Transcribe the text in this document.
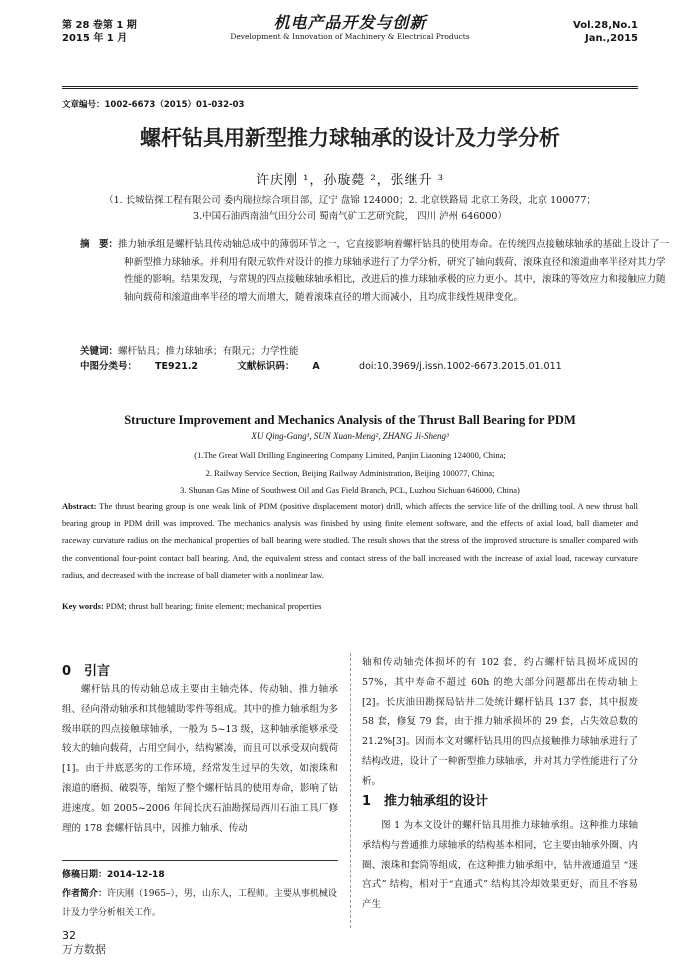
第 28 卷第 1 期
2015 年 1 月
机电产品开发与创新
Development & Innovation of Machinery & Electrical Products
Vol.28,No.1
Jan.,2015
文章编号：1002-6673（2015）01-032-03
螺杆钻具用新型推力球轴承的设计及力学分析
许庆刚 ¹，孙璇薨 ²，张继升 ³
（1. 长城钻探工程有限公司 委内瑞拉综合项目部，辽宁 盘锦 124000；2. 北京铁路局 北京工务段，北京 100077；
3.中国石油西南油气田分公司 蜀南气矿工艺研究院， 四川 泸州 646000）
摘　要：推力轴承组是螺杆钻具传动轴总成中的薄弱环节之一，它直接影响着螺杆钻具的使用寿命。在传统四点接触球轴承的基础上设计了一种新型推力球轴承。并利用有限元软件对设计的推力球轴承进行了力学分析，研究了轴向载荷、滚珠直径和滚道曲率半径对其力学性能的影响。结果发现，与常规的四点接触球轴承相比，改进后的推力球轴承极的应力更小。其中，滚珠的等效应力和接触应力随轴向载荷和滚道曲率半径的增大而增大，随着滚珠直径的增大而减小，且均成非线性规律变化。
关键词：螺杆钻具；推力球轴承；有限元；力学性能
中图分类号： TE921.2	文献标识码： A	doi:10.3969/j.issn.1002-6673.2015.01.011
Structure Improvement and Mechanics Analysis of the Thrust Ball Bearing for PDM
XU Qing-Gang¹, SUN Xuan-Meng², ZHANG Ji-Sheng³
(1.The Great Wall Drilling Engineering Company Limited, Panjin Liaoning 124000, China;
2. Railway Service Section, Beijing Railway Administration, Beijing 100077, China;
3. Shunan Gas Mine of Southwest Oil and Gas Field Branch, PCL, Luzhou Sichuan 646000, China)
Abstract: The thrust bearing group is one weak link of PDM (positive displacement motor) drill, which affects the service life of the drilling tool. A new thrust ball bearing group in PDM drill was improved. The mechanics analysis was finished by using finite element software, and the effects of axial load, ball diameter and raceway curvature radius on the mechanical properties of ball bearing were studied. The result shows that the stress of the improved structure is smaller compared with the conventional four-point contact ball bearing. And, the equivalent stress and contact stress of the ball increased with the increase of axial load, raceway curvature radius, and decreased with the increase of ball diameter with a nonlinear law.
Key words: PDM; thrust ball bearing; finite element; mechanical properties
0　引言
螺杆钻具的传动轴总成主要由主轴壳体、传动轴、推力轴承组、径向滑动轴承和其他辅助零件等组成。其中的推力轴承组为多级串联的四点接触球轴承，一般为 5~13 级，这种轴承能够承受较大的轴向载荷，占用空间小，结构紧凑，而且可以承受双向载荷[1]。由于井底恶劣的工作环境，经常发生过早的失效，如滚珠和滚道的磨损、破裂等，缩短了整个螺杆钻具的使用寿命，影响了钻进速度。如 2005~2006 年间长庆石油勘探局西川石油工具厂修理的 178 套螺杆钻具中，因推力轴承、传动
轴和传动轴壳体损坏的有 102 套，约占螺杆钻具损坏成因的 57%，其中寿命不超过 60h 的绝大部分问题都出在传动轴上[2]。长庆油田勘探局钻井二处统计螺杆钻具 137 套，其中报废 58 套，修复 79 套，由于推力轴承损坏的 29 套，占失效总数的 21.2%[3]。因而本文对螺杆钻具用的四点接触推力球轴承进行了结构改进，设计了一种新型推力球轴承，并对其力学性能进行了分析。
1　推力轴承组的设计
图 1 为本文设计的螺杆钻具用推力球轴承组。这种推力球轴承结构与普通推力球轴承的结构基本相同，它主要由轴承外圈、内圈、滚珠和套筒等组成，在这种推力轴承组中，钻井液通道呈 “迷宫式” 结构，相对于“直通式” 结构其冷却效果更好，而且不容易产生
修稿日期：2014-12-18
作者简介：许庆刚（1965–），男，山东人，工程师。主要从事机械设计及力学分析相关工作。
32
万方数据
